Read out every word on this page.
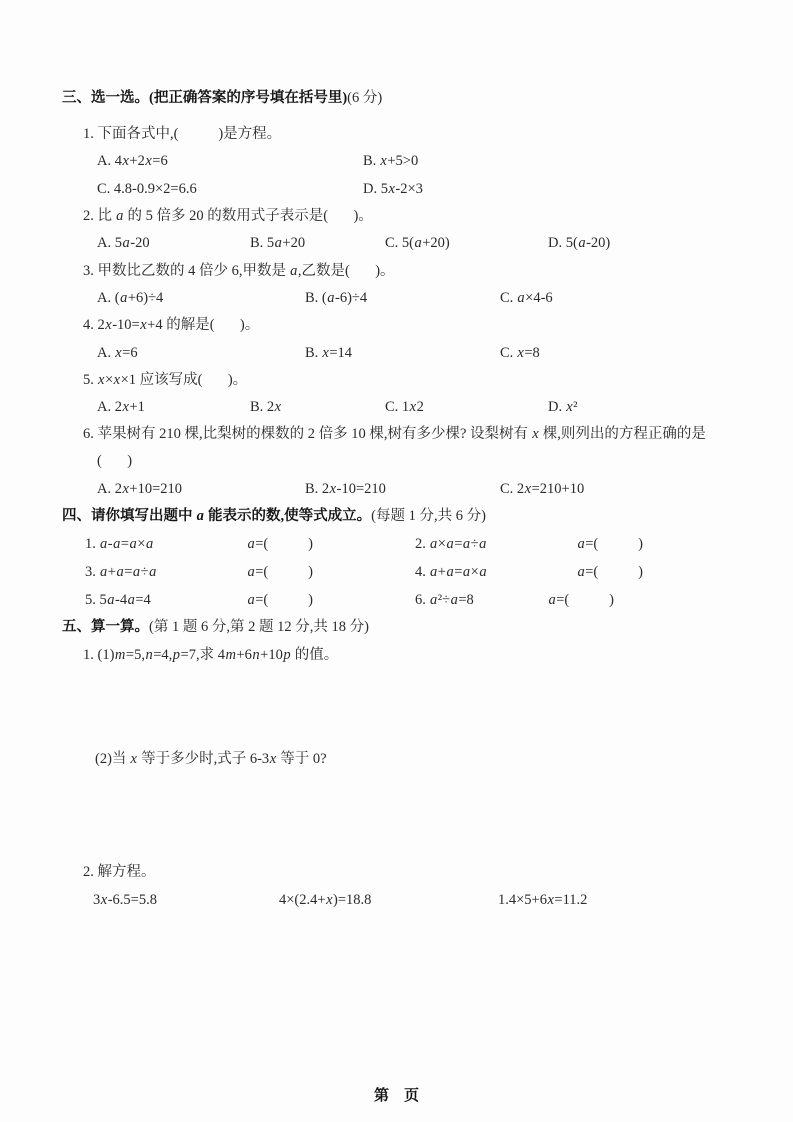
三、选一选。(把正确答案的序号填在括号里)(6 分)
1. 下面各式中,(           )是方程。
A. 4x+2x=6	B. x+5>0
C. 4.8-0.9×2=6.6	D. 5x-2×3
2. 比 a 的 5 倍多 20 的数用式子表示是(       )。
A. 5a-20	B. 5a+20	C. 5(a+20)	D. 5(a-20)
3. 甲数比乙数的 4 倍少 6,甲数是 a,乙数是(       )。
A. (a+6)÷4	B. (a-6)÷4	C. a×4-6
4. 2x-10=x+4 的解是(       )。
A. x=6	B. x=14	C. x=8
5. x×x×1 应该写成(       )。
A. 2x+1	B. 2x	C. 1x2	D. x²
6. 苹果树有 210 棵,比梨树的棵数的 2 倍多 10 棵,树有多少棵? 设梨树有 x 棵,则列出的方程正确的是
(       )
A. 2x+10=210	B. 2x-10=210	C. 2x=210+10
四、请你填写出题中 a 能表示的数,使等式成立。(每题 1 分,共 6 分)
1. a-a=a×a	a=(           )	2. a×a=a÷a	a=(           )
3. a+a=a÷a	a=(           )	4. a+a=a×a	a=(           )
5. 5a-4a=4	a=(           )	6. a²÷a=8	a=(           )
五、算一算。(第 1 题 6 分,第 2 题 12 分,共 18 分)
1. (1)m=5,n=4,p=7,求 4m+6n+10p 的值。
(2)当 x 等于多少时,式子 6-3x 等于 0?
2. 解方程。
3x-6.5=5.8	4×(2.4+x)=18.8	1.4×5+6x=11.2
第　页
